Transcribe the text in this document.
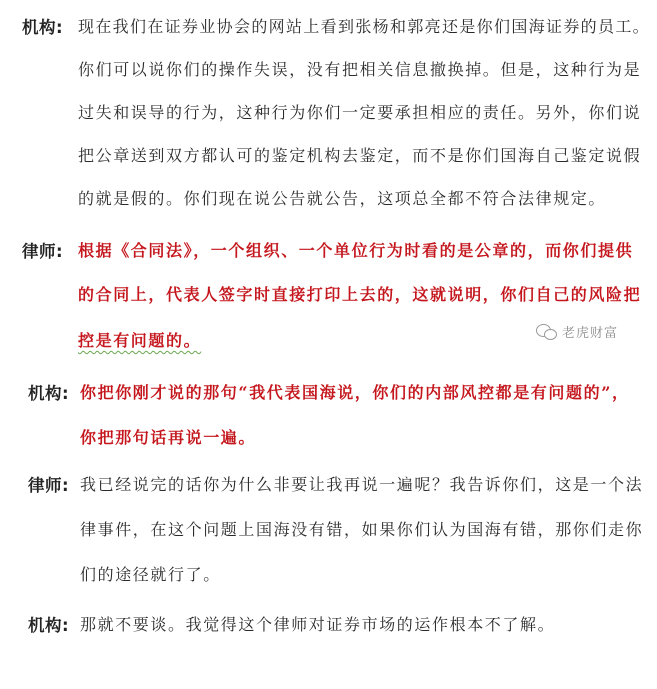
机构: 现在我们在证券业协会的网站上看到张杨和郭亮还是你们国海证券的员工。
你们可以说你们的操作失误，没有把相关信息撤换掉。但是，这种行为是
过失和误导的行为，这种行为你们一定要承担相应的责任。另外，你们说
把公章送到双方都认可的鉴定机构去鉴定，而不是你们国海自己鉴定说假
的就是假的。你们现在说公告就公告，这项总全都不符合法律规定。
律师: 根据《合同法》，一个组织、一个单位行为时看的是公章的，而你们提供
的合同上，代表人签字时直接打印上去的，这就说明，你们自己的风险把
控是有问题的。	老虎财富
机构: 你把你刚才说的那句“我代表国海说，你们的内部风控都是有问题的”，
你把那句话再说一遍。
律师: 我已经说完的话你为什么非要让我再说一遍呢？我告诉你们，这是一个法
律事件，在这个问题上国海没有错，如果你们认为国海有错，那你们走你
们的途径就行了。
机构: 那就不要谈。我觉得这个律师对证券市场的运作根本不了解。
